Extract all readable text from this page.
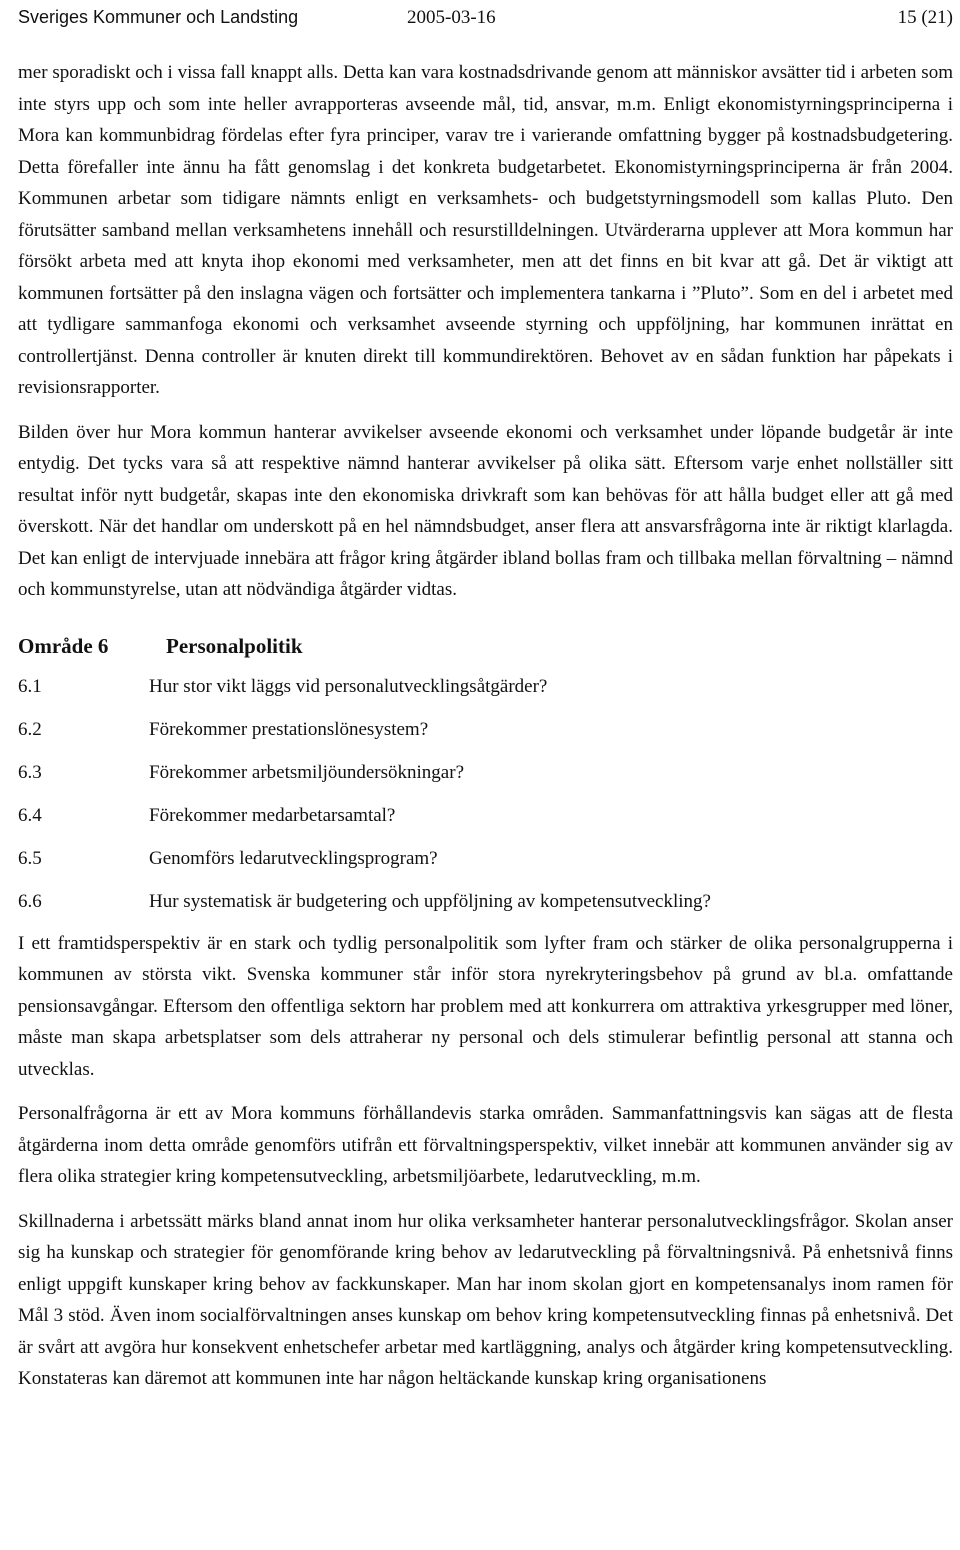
Sveriges Kommuner och Landsting	2005-03-16	15 (21)

mer sporadiskt och i vissa fall knappt alls. Detta kan vara kostnadsdrivande genom att människor avsätter tid i arbeten som inte styrs upp och som inte heller avrapporteras avseende mål, tid, ansvar, m.m. Enligt ekonomistyrningsprinciperna i Mora kan kommunbidrag fördelas efter fyra principer, varav tre i varierande omfattning bygger på kostnadsbudgetering. Detta förefaller inte ännu ha fått genomslag i det konkreta budgetarbetet. Ekonomistyrningsprinciperna är från 2004. Kommunen arbetar som tidigare nämnts enligt en verksamhets- och budgetstyrningsmodell som kallas Pluto. Den förutsätter samband mellan verksamhetens innehåll och resurstilldelningen. Utvärderarna upplever att Mora kommun har försökt arbeta med att knyta ihop ekonomi med verksamheter, men att det finns en bit kvar att gå. Det är viktigt att kommunen fortsätter på den inslagna vägen och fortsätter och implementera tankarna i ”Pluto”. Som en del i arbetet med att tydligare sammanfoga ekonomi och verksamhet avseende styrning och uppföljning, har kommunen inrättat en controllertjänst. Denna controller är knuten direkt till kommundirektören. Behovet av en sådan funktion har påpekats i revisionsrapporter.

Bilden över hur Mora kommun hanterar avvikelser avseende ekonomi och verksamhet under löpande budgetår är inte entydig. Det tycks vara så att respektive nämnd hanterar avvikelser på olika sätt. Eftersom varje enhet nollställer sitt resultat inför nytt budgetår, skapas inte den ekonomiska drivkraft som kan behövas för att hålla budget eller att gå med överskott. När det handlar om underskott på en hel nämndsbudget, anser flera att ansvarsfrågorna inte är riktigt klarlagda. Det kan enligt de intervjuade innebära att frågor kring åtgärder ibland bollas fram och tillbaka mellan förvaltning – nämnd och kommunstyrelse, utan att nödvändiga åtgärder vidtas.

Område 6	Personalpolitik
6.1	Hur stor vikt läggs vid personalutvecklingsåtgärder?
6.2	Förekommer prestationslönesystem?
6.3	Förekommer arbetsmiljöundersökningar?
6.4	Förekommer medarbetarsamtal?
6.5	Genomförs ledarutvecklingsprogram?
6.6	Hur systematisk är budgetering och uppföljning av kompetensutveckling?

I ett framtidsperspektiv är en stark och tydlig personalpolitik som lyfter fram och stärker de olika personalgrupperna i kommunen av största vikt. Svenska kommuner står inför stora nyrekryteringsbehov på grund av bl.a. omfattande pensionsavgångar. Eftersom den offentliga sektorn har problem med att konkurrera om attraktiva yrkesgrupper med löner, måste man skapa arbetsplatser som dels attraherar ny personal och dels stimulerar befintlig personal att stanna och utvecklas.

Personalfrågorna är ett av Mora kommuns förhållandevis starka områden. Sammanfattningsvis kan sägas att de flesta åtgärderna inom detta område genomförs utifrån ett förvaltningsperspektiv, vilket innebär att kommunen använder sig av flera olika strategier kring kompetensutveckling, arbetsmiljöarbete, ledarutveckling, m.m.

Skillnaderna i arbetssätt märks bland annat inom hur olika verksamheter hanterar personalutvecklingsfrågor. Skolan anser sig ha kunskap och strategier för genomförande kring behov av ledarutveckling på förvaltningsnivå. På enhetsnivå finns enligt uppgift kunskaper kring behov av fackkunskaper. Man har inom skolan gjort en kompetensanalys inom ramen för Mål 3 stöd. Även inom socialförvaltningen anses kunskap om behov kring kompetensutveckling finnas på enhetsnivå. Det är svårt att avgöra hur konsekvent enhetschefer arbetar med kartläggning, analys och åtgärder kring kompetensutveckling. Konstateras kan däremot att kommunen inte har någon heltäckande kunskap kring organisationens
